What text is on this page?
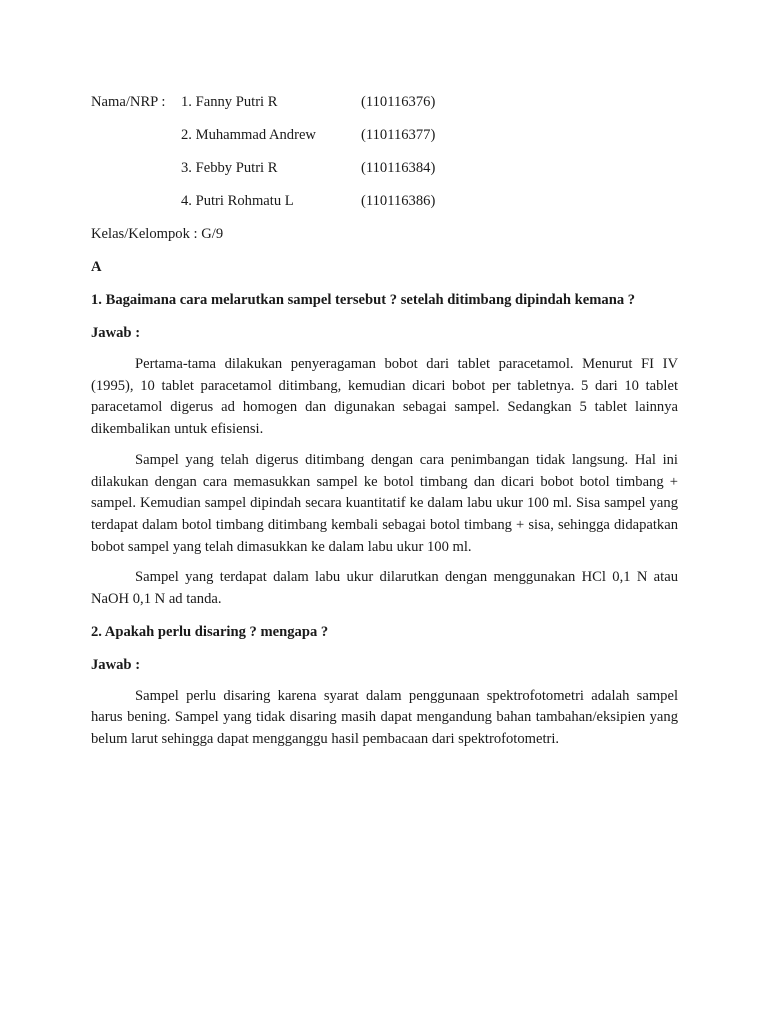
Nama/NRP :	1. Fanny Putri R	(110116376)
2. Muhammad Andrew	(110116377)
3. Febby Putri R	(110116384)
4. Putri Rohmatu L	(110116386)
Kelas/Kelompok : G/9
A
1. Bagaimana cara melarutkan sampel tersebut ? setelah ditimbang dipindah kemana ?
Jawab :

Pertama-tama dilakukan penyeragaman bobot dari tablet paracetamol. Menurut FI IV (1995), 10 tablet paracetamol ditimbang, kemudian dicari bobot per tabletnya. 5 dari 10 tablet paracetamol digerus ad homogen dan digunakan sebagai sampel. Sedangkan 5 tablet lainnya dikembalikan untuk efisiensi.

Sampel yang telah digerus ditimbang dengan cara penimbangan tidak langsung. Hal ini dilakukan dengan cara memasukkan sampel ke botol timbang dan dicari bobot botol timbang + sampel. Kemudian sampel dipindah secara kuantitatif ke dalam labu ukur 100 ml. Sisa sampel yang terdapat dalam botol timbang ditimbang kembali sebagai botol timbang + sisa, sehingga didapatkan bobot sampel yang telah dimasukkan ke dalam labu ukur 100 ml.

Sampel yang terdapat dalam labu ukur dilarutkan dengan menggunakan HCl 0,1 N atau NaOH 0,1 N ad tanda.

2. Apakah perlu disaring ? mengapa ?
Jawab :

Sampel perlu disaring karena syarat dalam penggunaan spektrofotometri adalah sampel harus bening. Sampel yang tidak disaring masih dapat mengandung bahan tambahan/eksipien yang belum larut sehingga dapat mengganggu hasil pembacaan dari spektrofotometri.
